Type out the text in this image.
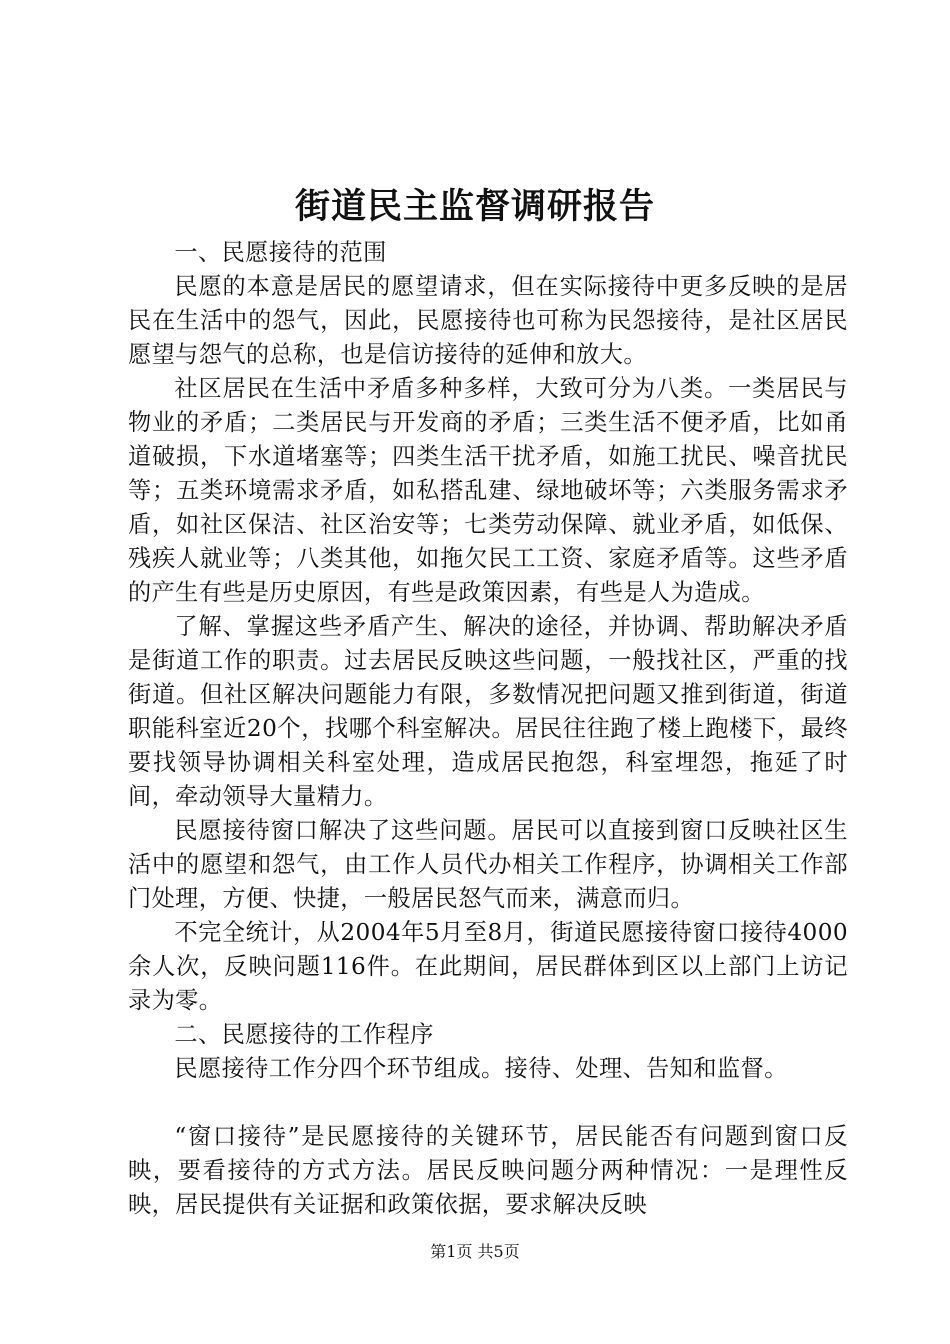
街道民主监督调研报告

一、民愿接待的范围

民愿的本意是居民的愿望请求，但在实际接待中更多反映的是居民在生活中的怨气，因此，民愿接待也可称为民怨接待，是社区居民愿望与怨气的总称，也是信访接待的延伸和放大。

社区居民在生活中矛盾多种多样，大致可分为八类。一类居民与物业的矛盾；二类居民与开发商的矛盾；三类生活不便矛盾，比如甬道破损，下水道堵塞等；四类生活干扰矛盾，如施工扰民、噪音扰民等；五类环境需求矛盾，如私搭乱建、绿地破坏等；六类服务需求矛盾，如社区保洁、社区治安等；七类劳动保障、就业矛盾，如低保、残疾人就业等；八类其他，如拖欠民工工资、家庭矛盾等。这些矛盾的产生有些是历史原因，有些是政策因素，有些是人为造成。

了解、掌握这些矛盾产生、解决的途径，并协调、帮助解决矛盾是街道工作的职责。过去居民反映这些问题，一般找社区，严重的找街道。但社区解决问题能力有限，多数情况把问题又推到街道，街道职能科室近20个，找哪个科室解决。居民往往跑了楼上跑楼下，最终要找领导协调相关科室处理，造成居民抱怨，科室埋怨，拖延了时间，牵动领导大量精力。

民愿接待窗口解决了这些问题。居民可以直接到窗口反映社区生活中的愿望和怨气，由工作人员代办相关工作程序，协调相关工作部门处理，方便、快捷，一般居民怒气而来，满意而归。

不完全统计，从2004年5月至8月，街道民愿接待窗口接待4000余人次，反映问题116件。在此期间，居民群体到区以上部门上访记录为零。

二、民愿接待的工作程序

民愿接待工作分四个环节组成。接待、处理、告知和监督。

“窗口接待”是民愿接待的关键环节，居民能否有问题到窗口反映，要看接待的方式方法。居民反映问题分两种情况：一是理性反映，居民提供有关证据和政策依据，要求解决反映

第1页 共5页
